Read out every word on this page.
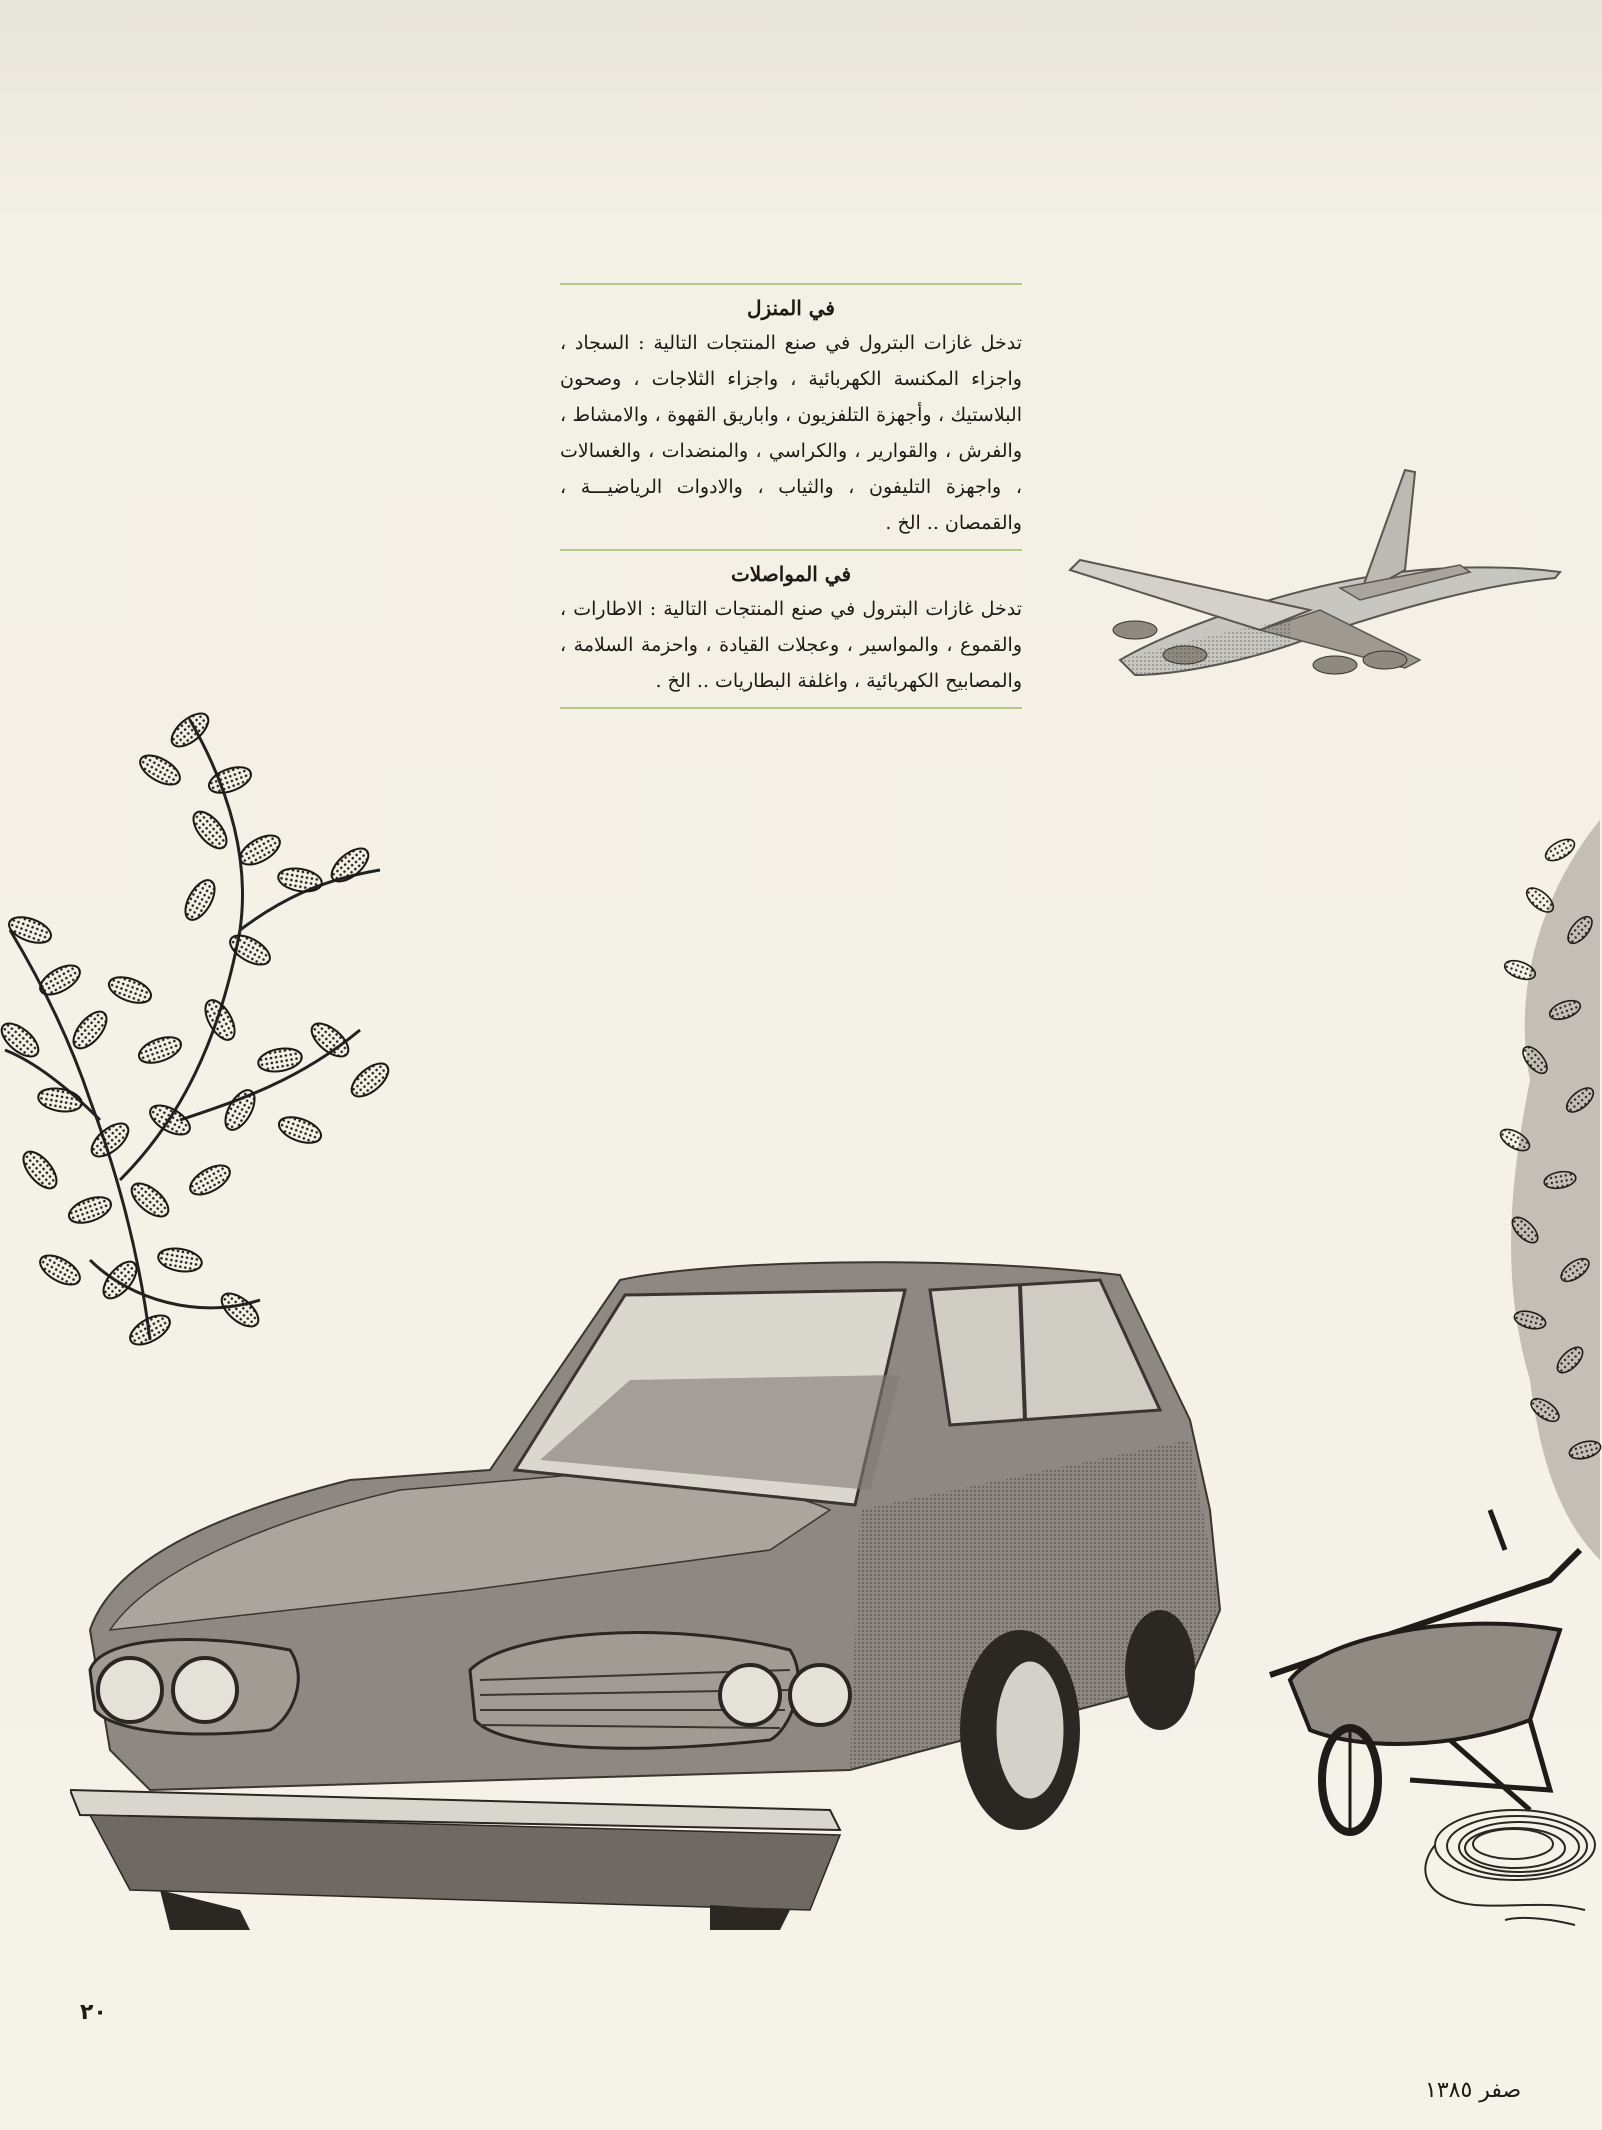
في المنزل

تدخل غازات البترول في صنع المنتجات التالية : السجاد ، واجزاء المكنسة الكهربائية ، واجزاء الثلاجات ، وصحون البلاستيك ، وأجهزة التلفزيون ، واباريق القهوة ، والامشاط ، والفرش ، والقوارير ، والكراسي ، والمنضدات ، والغسالات ، واجهزة التليفون ، والثياب ، والادوات الرياضيـــة ، والقمصان .. الخ .

في المواصلات

تدخل غازات البترول في صنع المنتجات التالية : الاطارات ، والقموع ، والمواسير ، وعجلات القيادة ، واحزمة السلامة ، والمصابيح الكهربائية ، واغلفة البطاريات .. الخ .

٢٠
صفر ١٣٨٥
